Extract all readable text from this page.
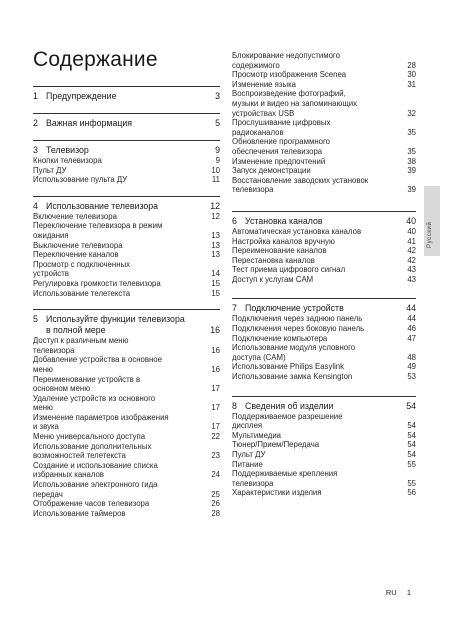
Содержание
1 Предупреждение	3
2 Важная информация	5
3 Телевизор	9
Кнопки телевизора	9
Пульт ДУ	10
Использование пульта ДУ	11
4 Использование телевизора	12
Включение телевизора	12
Переключение телевизора в режим
ожидания	13
Выключение телевизора	13
Переключение каналов	13
Просмотр с подключенных
устройств	14
Регулировка громкости телевизора	15
Использование телетекста	15
5 Используйте функции телевизора
в полной мере	16
Доступ к различным меню
телевизора	16
Добавление устройства в основное
меню	16
Переименование устройств в
основном меню	17
Удаление устройств из основного
меню	17
Изменение параметров изображения
и звука	17
Меню универсального доступа	22
Использование дополнительных
возможностей телетекста	23
Создание и использование списка
избранных каналов	24
Использование электронного гида
передач	25
Отображение часов телевизора	26
Использование таймеров	28
Блокирование недопустимого
содержимого	28
Просмотр изображения Scenea	30
Изменение языка	31
Воспроизведение фотографий,
музыки и видео на запоминающих
устройствах USB	32
Прослушивание цифровых
радиоканалов	35
Обновление программного
обеспечения телевизора	35
Изменение предпочтений	38
Запуск демонстрации	39
Восстановление заводских установок
телевизора	39
6 Установка каналов	40
Автоматическая установка каналов	40
Настройка каналов вручную	41
Переименование каналов	42
Перестановка каналов	42
Тест приема цифрового сигнал	43
Доступ к услугам CAM	43
7 Подключение устройств	44
Подключения через заднюю панель	44
Подключения через боковую панель	46
Подключение компьютера	47
Использование модуля условного
доступа (CAM)	48
Использование Philips Easylink	49
Использование замка Kensington	53
8 Сведения об изделии	54
Поддерживаемое разрешение
дисплея	54
Мультимедиа	54
Тюнер/Прием/Передача	54
Пульт ДУ	54
Питание	55
Поддерживаемые крепления
телевизора	55
Характеристики изделия	56
Русский
RU 1
